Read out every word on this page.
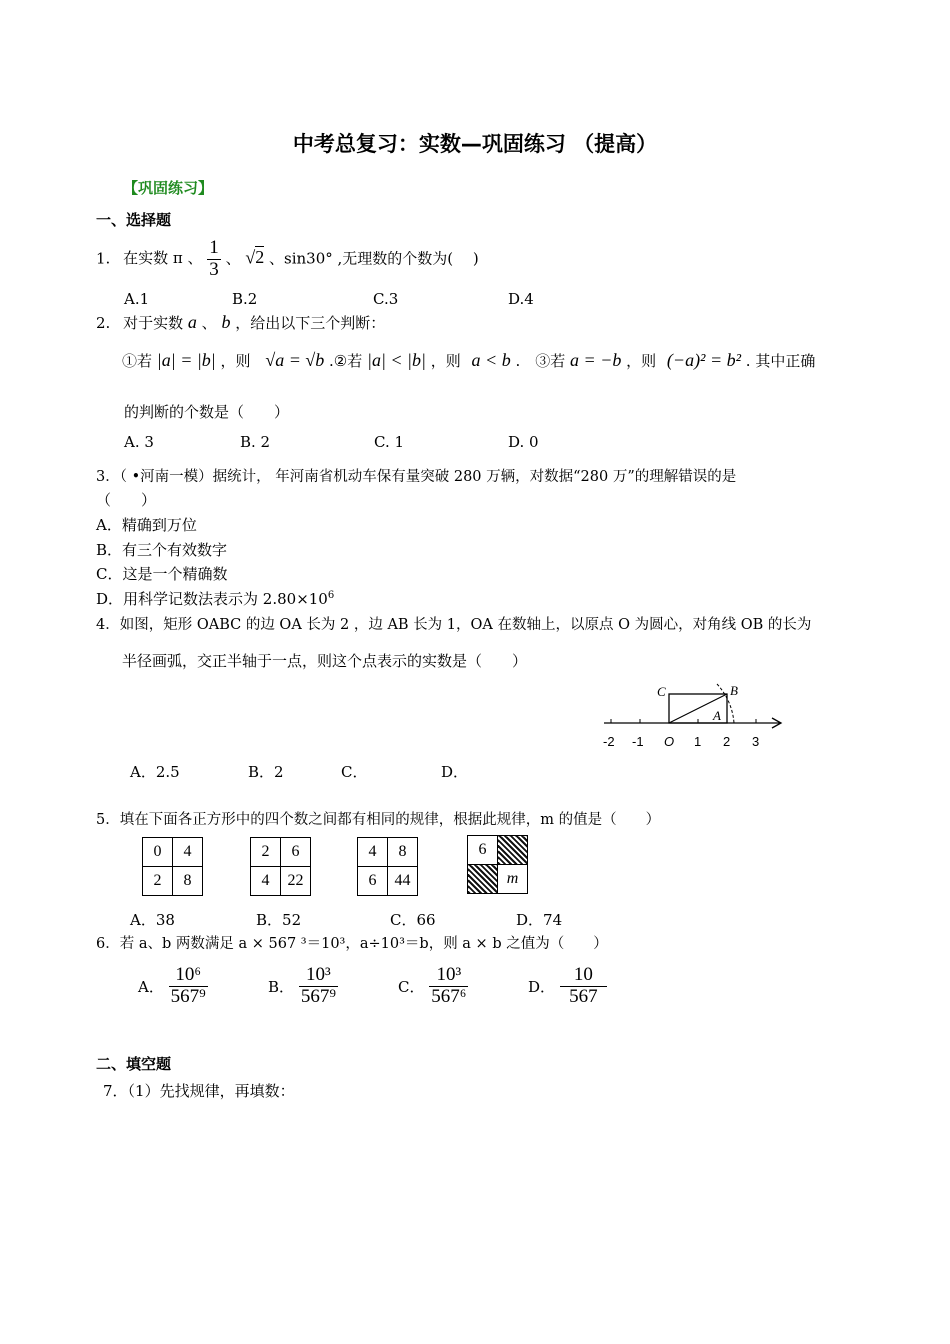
中考总复习：实数—巩固练习 （提高）
【巩固练习】
一、选择题
1. 在实数 π 、 $\frac{1}{3}$ 、 √2 、sin30° ,无理数的个数为(　 )
A.1	B.2	C.3	D.4
2. 对于实数 a 、 b ，给出以下三个判断：
①若 |a| = |b| ，则 √a = √b .②若 |a| < |b| ，则 a < b .　③若 a = −b ，则 (−a)² = b² . 其中正确
的判断的个数是（　　）
A. 3	B. 2	C. 1	D. 0
3．（ •河南一模）据统计， 年河南省机动车保有量突破 280 万辆，对数据“280 万”的理解错误的是
（　　）
A．精确到万位
B．有三个有效数字
C．这是一个精确数
D．用科学记数法表示为 $2.80\times 10^6$
4．如图，矩形 OABC 的边 OA 长为 2 ，边 AB 长为 1，OA 在数轴上，以原点 O 为圆心，对角线 OB 的长为
半径画弧，交正半轴于一点，则这个点表示的实数是（　　）
C	B
A
-2 -1 O 1 2 3
A．2.5	B．2	C．	D．
5．填在下面各正方形中的四个数之间都有相同的规律，根据此规律，m 的值是（　　）
0	4
2	8
2	6
4	22
4	8
6	44
6	
	m
A．38	B．52	C．66	D．74
6．若 a、b 两数满足 a × 567 ³＝10³，a÷10³＝b，则 a × b 之值为（　　）
A． $\frac{\text{10⁶}}{\text{567⁹}}$	B． $\frac{\text{10³}}{\text{567⁹}}$	C． $\frac{\text{10³}}{\text{567⁶}}$	D． $\frac{10}{567}$
二、填空题
7．（1）先找规律，再填数：
